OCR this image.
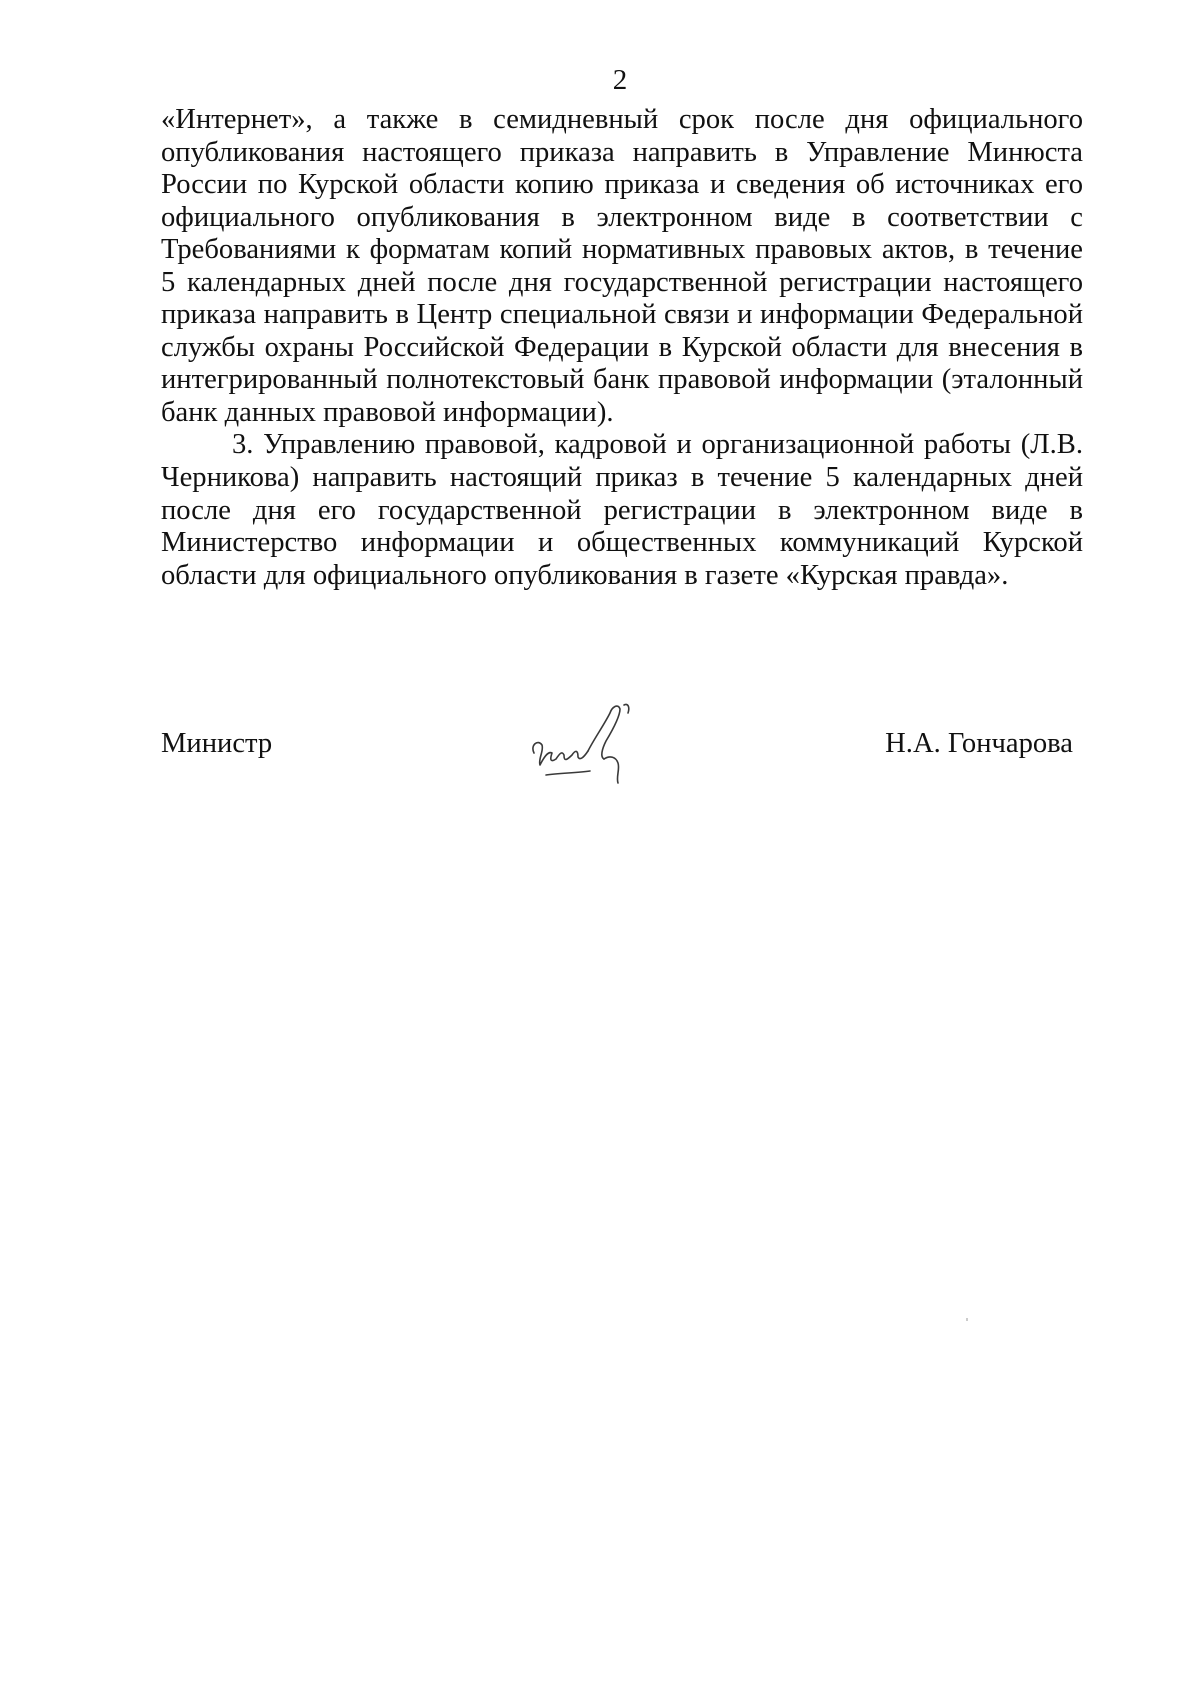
2

«Интернет», а также в семидневный срок после дня официального опубликования настоящего приказа направить в Управление Минюста России по Курской области копию приказа и сведения об источниках его официального опубликования в электронном виде в соответствии с Требованиями к форматам копий нормативных правовых актов, в течение 5 календарных дней после дня государственной регистрации настоящего приказа направить в Центр специальной связи и информации Федеральной службы охраны Российской Федерации в Курской области для внесения в интегрированный полнотекстовый банк правовой информации (эталонный банк данных правовой информации).

3. Управлению правовой, кадровой и организационной работы (Л.В. Черникова) направить настоящий приказ в течение 5 календарных дней после дня его государственной регистрации в электронном виде в Министерство информации и общественных коммуникаций Курской области для официального опубликования в газете «Курская правда».

Министр	Н.А. Гончарова
